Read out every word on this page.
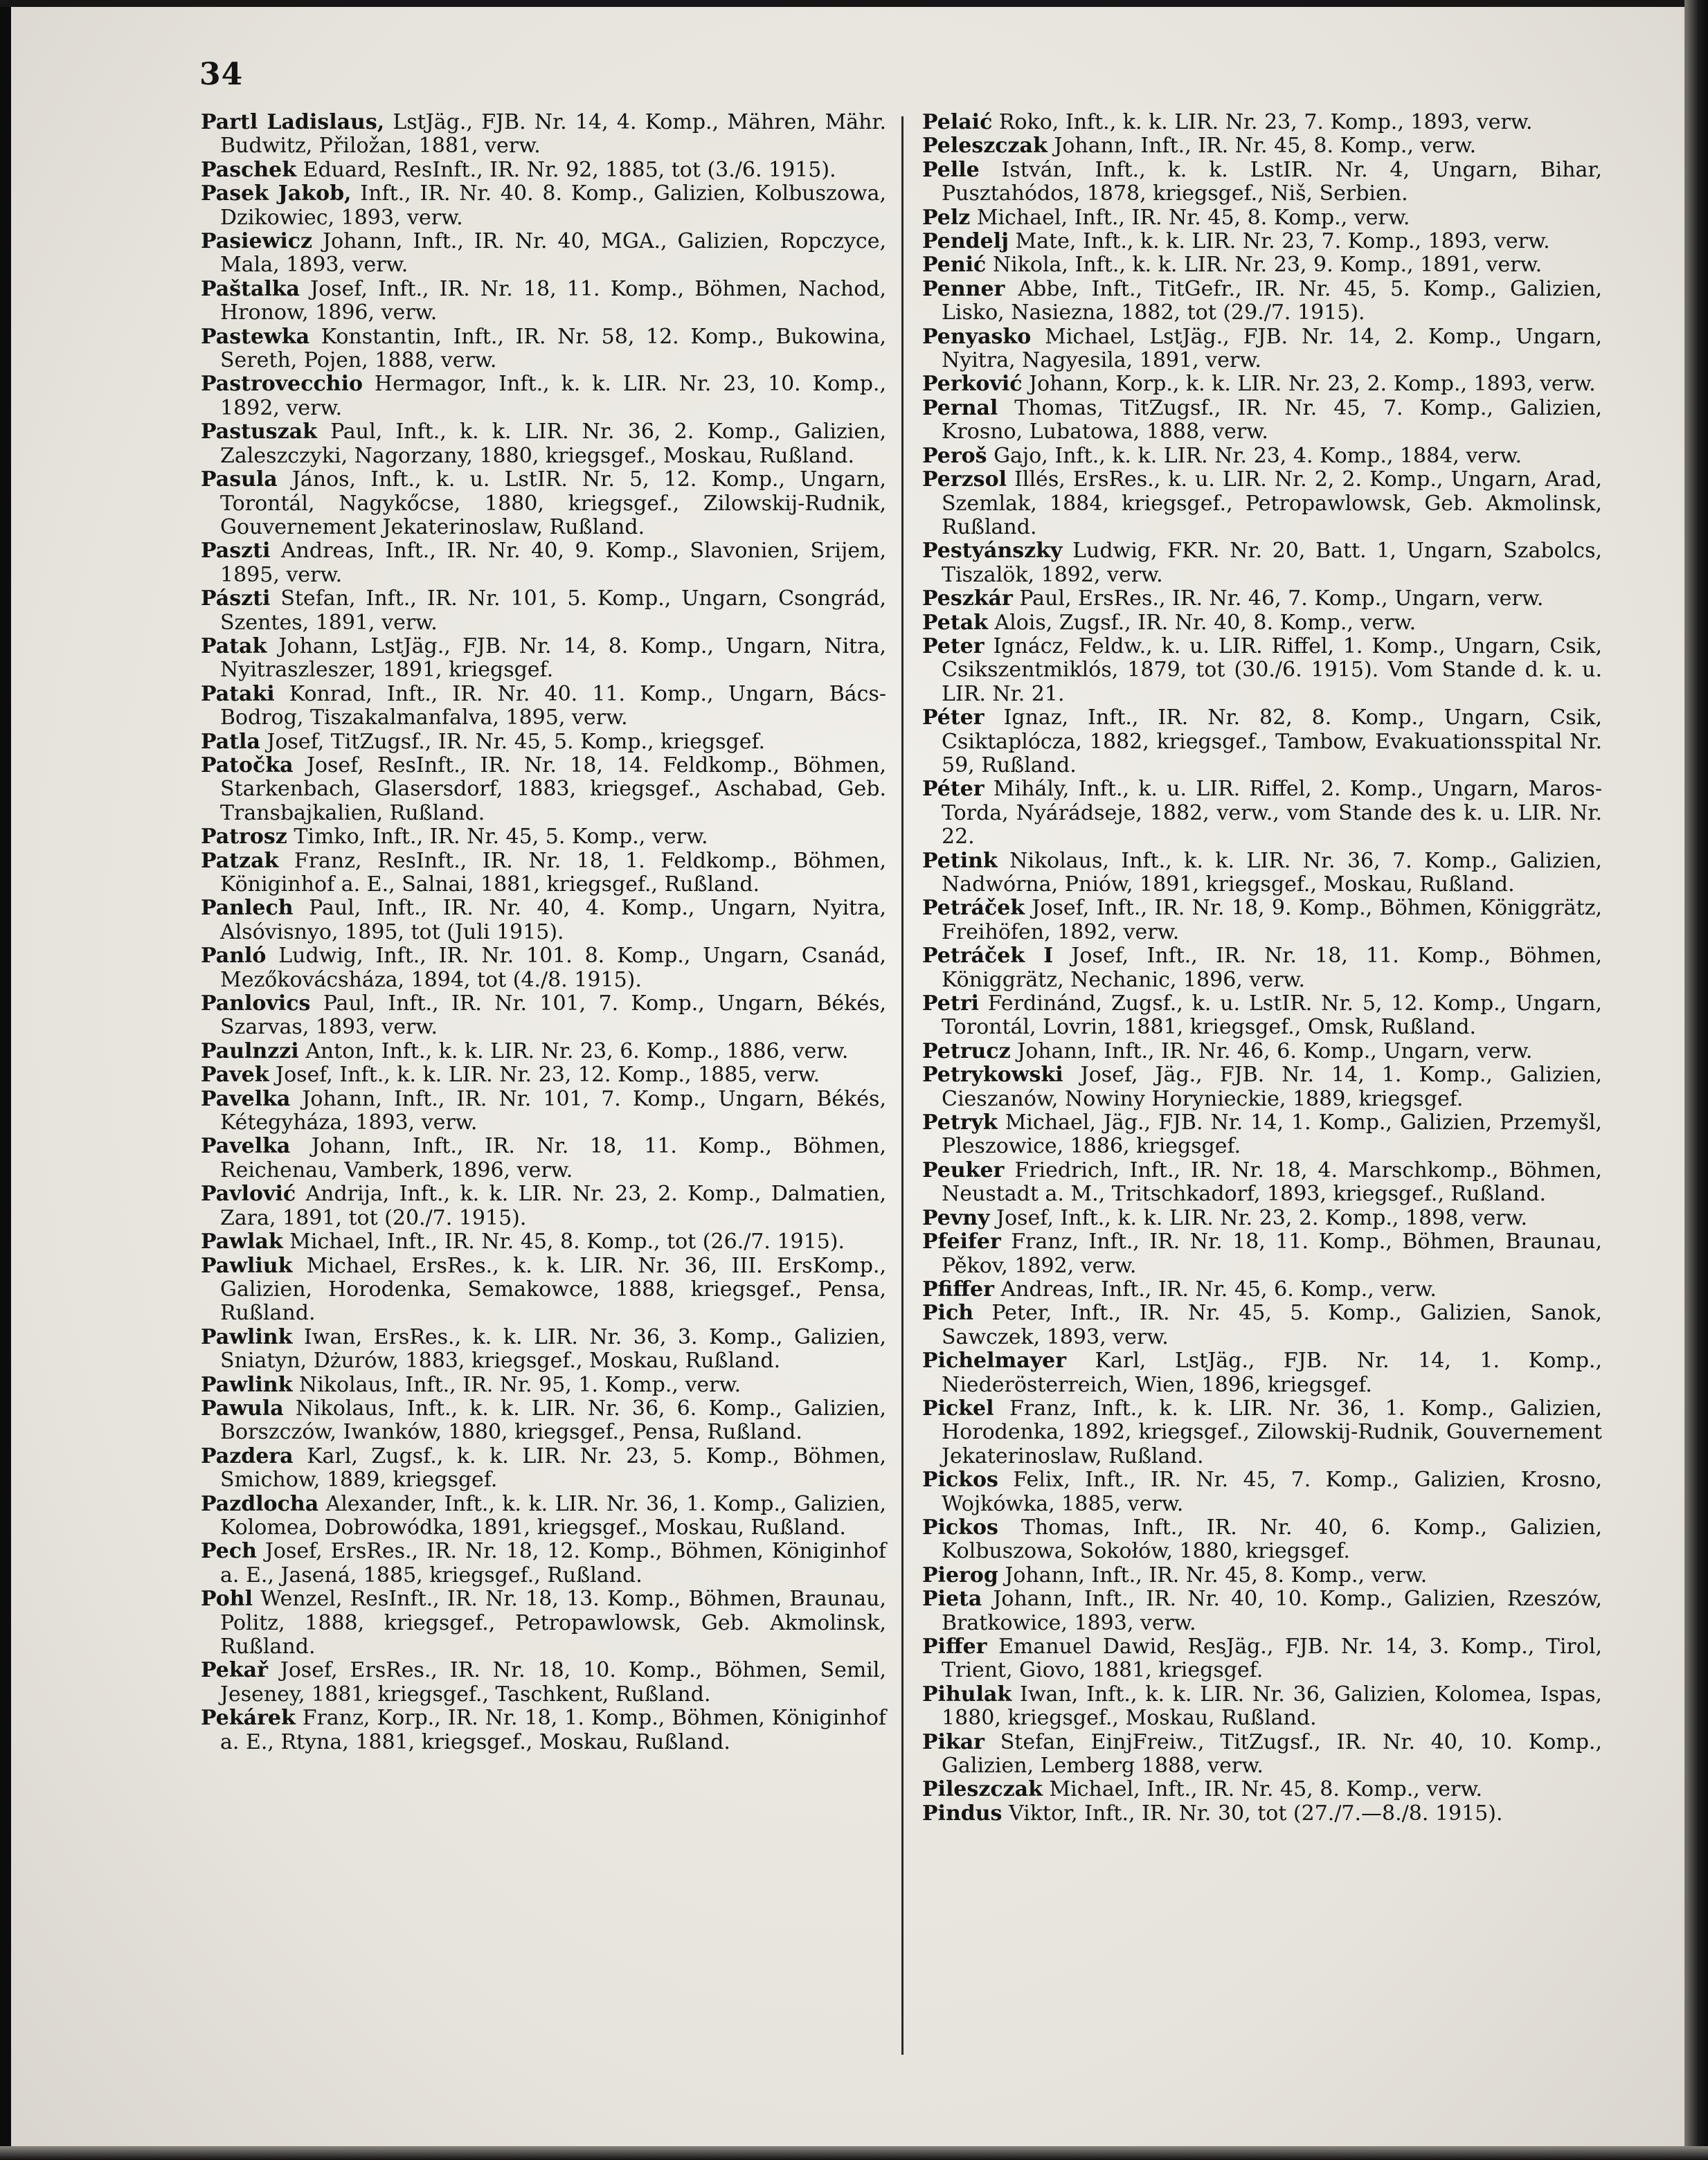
34

Partl Ladislaus, LstJäg., FJB. Nr. 14, 4. Komp., Mähren, Mähr. Budwitz, Přiložan, 1881, verw.

Paschek Eduard, ResInft., IR. Nr. 92, 1885, tot (3./6. 1915).

Pasek Jakob, Inft., IR. Nr. 40. 8. Komp., Galizien, Kolbuszowa, Dzikowiec, 1893, verw.

Pasiewicz Johann, Inft., IR. Nr. 40, MGA., Galizien, Ropczyce, Mala, 1893, verw.

Paštalka Josef, Inft., IR. Nr. 18, 11. Komp., Böhmen, Nachod, Hronow, 1896, verw.

Pastewka Konstantin, Inft., IR. Nr. 58, 12. Komp., Bukowina, Sereth, Pojen, 1888, verw.

Pastrovecchio Hermagor, Inft., k. k. LIR. Nr. 23, 10. Komp., 1892, verw.

Pastuszak Paul, Inft., k. k. LIR. Nr. 36, 2. Komp., Galizien, Zaleszczyki, Nagorzany, 1880, kriegsgef., Moskau, Rußland.

Pasula János, Inft., k. u. LstIR. Nr. 5, 12. Komp., Ungarn, Torontál, Nagykőcse, 1880, kriegsgef., Zilowskij-Rudnik, Gouvernement Jekaterinoslaw, Rußland.

Paszti Andreas, Inft., IR. Nr. 40, 9. Komp., Slavonien, Srijem, 1895, verw.

Pászti Stefan, Inft., IR. Nr. 101, 5. Komp., Ungarn, Csongrád, Szentes, 1891, verw.

Patak Johann, LstJäg., FJB. Nr. 14, 8. Komp., Ungarn, Nitra, Nyitraszleszer, 1891, kriegsgef.

Pataki Konrad, Inft., IR. Nr. 40. 11. Komp., Ungarn, Bács-Bodrog, Tiszakalmanfalva, 1895, verw.

Patla Josef, TitZugsf., IR. Nr. 45, 5. Komp., kriegsgef.

Patočka Josef, ResInft., IR. Nr. 18, 14. Feldkomp., Böhmen, Starkenbach, Glasersdorf, 1883, kriegsgef., Aschabad, Geb. Transbajkalien, Rußland.

Patrosz Timko, Inft., IR. Nr. 45, 5. Komp., verw.

Patzak Franz, ResInft., IR. Nr. 18, 1. Feldkomp., Böhmen, Königinhof a. E., Salnai, 1881, kriegsgef., Rußland.

Panlech Paul, Inft., IR. Nr. 40, 4. Komp., Ungarn, Nyitra, Alsóvisnyo, 1895, tot (Juli 1915).

Panló Ludwig, Inft., IR. Nr. 101. 8. Komp., Ungarn, Csanád, Mezőkovácsháza, 1894, tot (4./8. 1915).

Panlovics Paul, Inft., IR. Nr. 101, 7. Komp., Ungarn, Békés, Szarvas, 1893, verw.

Paulnzzi Anton, Inft., k. k. LIR. Nr. 23, 6. Komp., 1886, verw.

Pavek Josef, Inft., k. k. LIR. Nr. 23, 12. Komp., 1885, verw.

Pavelka Johann, Inft., IR. Nr. 101, 7. Komp., Ungarn, Békés, Kétegyháza, 1893, verw.

Pavelka Johann, Inft., IR. Nr. 18, 11. Komp., Böhmen, Reichenau, Vamberk, 1896, verw.

Pavlović Andrija, Inft., k. k. LIR. Nr. 23, 2. Komp., Dalmatien, Zara, 1891, tot (20./7. 1915).

Pawlak Michael, Inft., IR. Nr. 45, 8. Komp., tot (26./7. 1915).

Pawliuk Michael, ErsRes., k. k. LIR. Nr. 36, III. ErsKomp., Galizien, Horodenka, Semakowce, 1888, kriegsgef., Pensa, Rußland.

Pawlink Iwan, ErsRes., k. k. LIR. Nr. 36, 3. Komp., Galizien, Sniatyn, Dżurów, 1883, kriegsgef., Moskau, Rußland.

Pawlink Nikolaus, Inft., IR. Nr. 95, 1. Komp., verw.

Pawula Nikolaus, Inft., k. k. LIR. Nr. 36, 6. Komp., Galizien, Borszczów, Iwanków, 1880, kriegsgef., Pensa, Rußland.

Pazdera Karl, Zugsf., k. k. LIR. Nr. 23, 5. Komp., Böhmen, Smichow, 1889, kriegsgef.

Pazdlocha Alexander, Inft., k. k. LIR. Nr. 36, 1. Komp., Galizien, Kolomea, Dobrowódka, 1891, kriegsgef., Moskau, Rußland.

Pech Josef, ErsRes., IR. Nr. 18, 12. Komp., Böhmen, Königinhof a. E., Jasená, 1885, kriegsgef., Rußland.

Pohl Wenzel, ResInft., IR. Nr. 18, 13. Komp., Böhmen, Braunau, Politz, 1888, kriegsgef., Petropawlowsk, Geb. Akmolinsk, Rußland.

Pekař Josef, ErsRes., IR. Nr. 18, 10. Komp., Böhmen, Semil, Jeseney, 1881, kriegsgef., Taschkent, Rußland.

Pekárek Franz, Korp., IR. Nr. 18, 1. Komp., Böhmen, Königinhof a. E., Rtyna, 1881, kriegsgef., Moskau, Rußland.

Pelaić Roko, Inft., k. k. LIR. Nr. 23, 7. Komp., 1893, verw.

Peleszczak Johann, Inft., IR. Nr. 45, 8. Komp., verw.

Pelle István, Inft., k. k. LstIR. Nr. 4, Ungarn, Bihar, Pusztahódos, 1878, kriegsgef., Niš, Serbien.

Pelz Michael, Inft., IR. Nr. 45, 8. Komp., verw.

Pendelj Mate, Inft., k. k. LIR. Nr. 23, 7. Komp., 1893, verw.

Penić Nikola, Inft., k. k. LIR. Nr. 23, 9. Komp., 1891, verw.

Penner Abbe, Inft., TitGefr., IR. Nr. 45, 5. Komp., Galizien, Lisko, Nasiezna, 1882, tot (29./7. 1915).

Penyasko Michael, LstJäg., FJB. Nr. 14, 2. Komp., Ungarn, Nyitra, Nagyesila, 1891, verw.

Perković Johann, Korp., k. k. LIR. Nr. 23, 2. Komp., 1893, verw.

Pernal Thomas, TitZugsf., IR. Nr. 45, 7. Komp., Galizien, Krosno, Lubatowa, 1888, verw.

Peroš Gajo, Inft., k. k. LIR. Nr. 23, 4. Komp., 1884, verw.

Perzsol Illés, ErsRes., k. u. LIR. Nr. 2, 2. Komp., Ungarn, Arad, Szemlak, 1884, kriegsgef., Petropawlowsk, Geb. Akmolinsk, Rußland.

Pestyánszky Ludwig, FKR. Nr. 20, Batt. 1, Ungarn, Szabolcs, Tiszalök, 1892, verw.

Peszkár Paul, ErsRes., IR. Nr. 46, 7. Komp., Ungarn, verw.

Petak Alois, Zugsf., IR. Nr. 40, 8. Komp., verw.

Peter Ignácz, Feldw., k. u. LIR. Riffel, 1. Komp., Ungarn, Csik, Csikszentmiklós, 1879, tot (30./6. 1915). Vom Stande d. k. u. LIR. Nr. 21.

Péter Ignaz, Inft., IR. Nr. 82, 8. Komp., Ungarn, Csik, Csiktaplócza, 1882, kriegsgef., Tambow, Evakuationsspital Nr. 59, Rußland.

Péter Mihály, Inft., k. u. LIR. Riffel, 2. Komp., Ungarn, Maros-Torda, Nyárádseje, 1882, verw., vom Stande des k. u. LIR. Nr. 22.

Petink Nikolaus, Inft., k. k. LIR. Nr. 36, 7. Komp., Galizien, Nadwórna, Pniów, 1891, kriegsgef., Moskau, Rußland.

Petráček Josef, Inft., IR. Nr. 18, 9. Komp., Böhmen, Königgrätz, Freihöfen, 1892, verw.

Petráček I Josef, Inft., IR. Nr. 18, 11. Komp., Böhmen, Königgrätz, Nechanic, 1896, verw.

Petri Ferdinánd, Zugsf., k. u. LstIR. Nr. 5, 12. Komp., Ungarn, Torontál, Lovrin, 1881, kriegsgef., Omsk, Rußland.

Petrucz Johann, Inft., IR. Nr. 46, 6. Komp., Ungarn, verw.

Petrykowski Josef, Jäg., FJB. Nr. 14, 1. Komp., Galizien, Cieszanów, Nowiny Horynieckie, 1889, kriegsgef.

Petryk Michael, Jäg., FJB. Nr. 14, 1. Komp., Galizien, Przemyšl, Pleszowice, 1886, kriegsgef.

Peuker Friedrich, Inft., IR. Nr. 18, 4. Marschkomp., Böhmen, Neustadt a. M., Tritschkadorf, 1893, kriegsgef., Rußland.

Pevny Josef, Inft., k. k. LIR. Nr. 23, 2. Komp., 1898, verw.

Pfeifer Franz, Inft., IR. Nr. 18, 11. Komp., Böhmen, Braunau, Pěkov, 1892, verw.

Pfiffer Andreas, Inft., IR. Nr. 45, 6. Komp., verw.

Pich Peter, Inft., IR. Nr. 45, 5. Komp., Galizien, Sanok, Sawczek, 1893, verw.

Pichelmayer Karl, LstJäg., FJB. Nr. 14, 1. Komp., Niederösterreich, Wien, 1896, kriegsgef.

Pickel Franz, Inft., k. k. LIR. Nr. 36, 1. Komp., Galizien, Horodenka, 1892, kriegsgef., Zilowskij-Rudnik, Gouvernement Jekaterinoslaw, Rußland.

Pickos Felix, Inft., IR. Nr. 45, 7. Komp., Galizien, Krosno, Wojkówka, 1885, verw.

Pickos Thomas, Inft., IR. Nr. 40, 6. Komp., Galizien, Kolbuszowa, Sokołów, 1880, kriegsgef.

Pierog Johann, Inft., IR. Nr. 45, 8. Komp., verw.

Pieta Johann, Inft., IR. Nr. 40, 10. Komp., Galizien, Rzeszów, Bratkowice, 1893, verw.

Piffer Emanuel Dawid, ResJäg., FJB. Nr. 14, 3. Komp., Tirol, Trient, Giovo, 1881, kriegsgef.

Pihulak Iwan, Inft., k. k. LIR. Nr. 36, Galizien, Kolomea, Ispas, 1880, kriegsgef., Moskau, Rußland.

Pikar Stefan, EinjFreiw., TitZugsf., IR. Nr. 40, 10. Komp., Galizien, Lemberg 1888, verw.

Pileszczak Michael, Inft., IR. Nr. 45, 8. Komp., verw.

Pindus Viktor, Inft., IR. Nr. 30, tot (27./7.—8./8. 1915).
